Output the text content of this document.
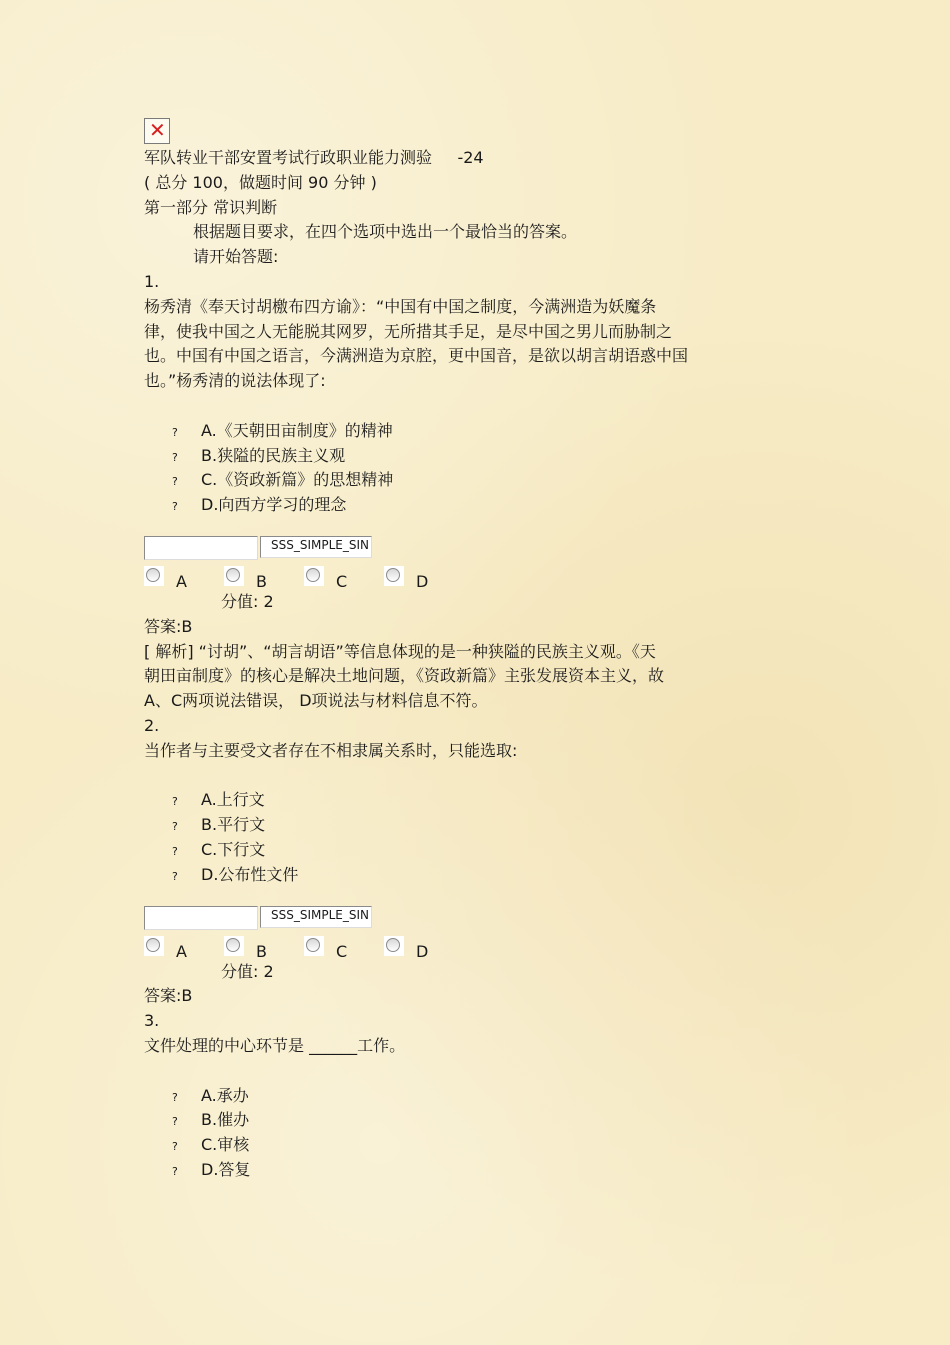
✕
军队转业干部安置考试行政职业能力测验 -24
( 总分 100，做题时间 90 分钟 )
第一部分 常识判断
根据题目要求，在四个选项中选出一个最恰当的答案。
请开始答题:
1.
杨秀清《奉天讨胡檄布四方谕》：“中国有中国之制度，今满洲造为妖魔条
律，使我中国之人无能脱其网罗，无所措其手足，是尽中国之男儿而胁制之
也。中国有中国之语言，今满洲造为京腔，更中国音，是欲以胡言胡语惑中国
也。”杨秀清的说法体现了:
? A.《天朝田亩制度》的精神
? B.狭隘的民族主义观
? C.《资政新篇》的思想精神
? D.向西方学习的理念
SSS_SIMPLE_SIN
A	B	C	D
分值: 2
答案:B
[ 解析] “讨胡”、“胡言胡语”等信息体现的是一种狭隘的民族主义观。《天
朝田亩制度》的核心是解决土地问题，《资政新篇》主张发展资本主义，故
A、C两项说法错误， D项说法与材料信息不符。
2.
当作者与主要受文者存在不相隶属关系时，只能选取:
? A.上行文
? B.平行文
? C.下行文
? D.公布性文件
SSS_SIMPLE_SIN
A	B	C	D
分值: 2
答案:B
3.
文件处理的中心环节是 ______工作。
? A.承办
? B.催办
? C.审核
? D.答复
